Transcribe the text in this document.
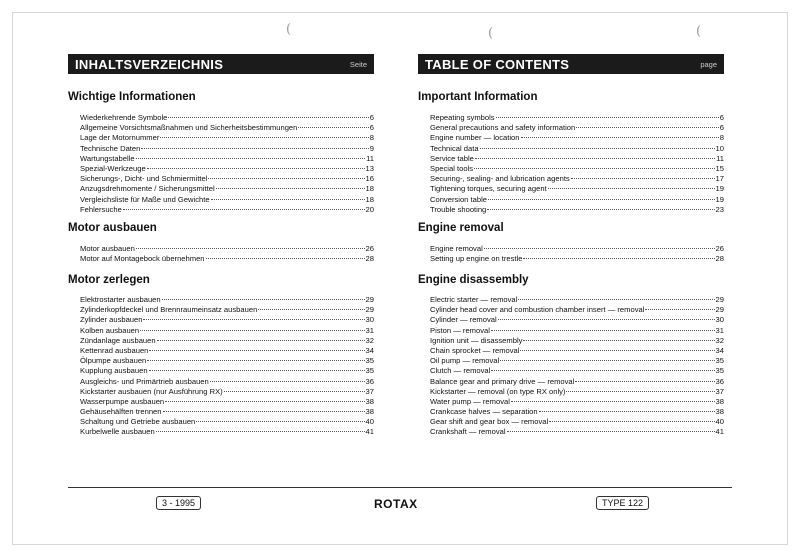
(	(	(
INHALTSVERZEICHNIS	Seite
Wichtige Informationen
Wiederkehrende Symbole	6
Allgemeine Vorsichtsmaßnahmen und Sicherheitsbestimmungen	6
Lage der Motornummer	8
Technische Daten	9
Wartungstabelle	11
Spezial-Werkzeuge	13
Sicherungs-, Dicht- und Schmiermittel	16
Anzugsdrehmomente / Sicherungsmittel	18
Vergleichsliste für Maße und Gewichte	18
Fehlersuche	20
Motor ausbauen
Motor ausbauen	26
Motor auf Montagebock übernehmen	28
Motor zerlegen
Elektrostarter ausbauen	29
Zylinderkopfdeckel und Brennraumeinsatz ausbauen	29
Zylinder ausbauen	30
Kolben ausbauen	31
Zündanlage ausbauen	32
Kettenrad ausbauen	34
Ölpumpe ausbauen	35
Kupplung ausbauen	35
Ausgleichs- und Primärtrieb ausbauen	36
Kickstarter ausbauen (nur Ausführung RX)	37
Wasserpumpe ausbauen	38
Gehäusehälften trennen	38
Schaltung und Getriebe ausbauen	40
Kurbelwelle ausbauen	41
TABLE OF CONTENTS	page
Important Information
Repeating symbols	6
General precautions and safety information	6
Engine number — location	8
Technical data	10
Service table	11
Special tools	15
Securing-, sealing- and lubrication agents	17
Tightening torques, securing agent	19
Conversion table	19
Trouble shooting	23
Engine removal
Engine removal	26
Setting up engine on trestle	28
Engine disassembly
Electric starter — removal	29
Cylinder head cover and combustion chamber insert — removal	29
Cylinder — removal	30
Piston — removal	31
Ignition unit — disassembly	32
Chain sprocket — removal	34
Oil pump — removal	35
Clutch — removal	35
Balance gear and primary drive — removal	36
Kickstarter — removal (on type RX only)	37
Water pump — removal	38
Crankcase halves — separation	38
Gear shift and gear box — removal	40
Crankshaft — removal	41
3 - 1995	ROTAX	TYPE 122
